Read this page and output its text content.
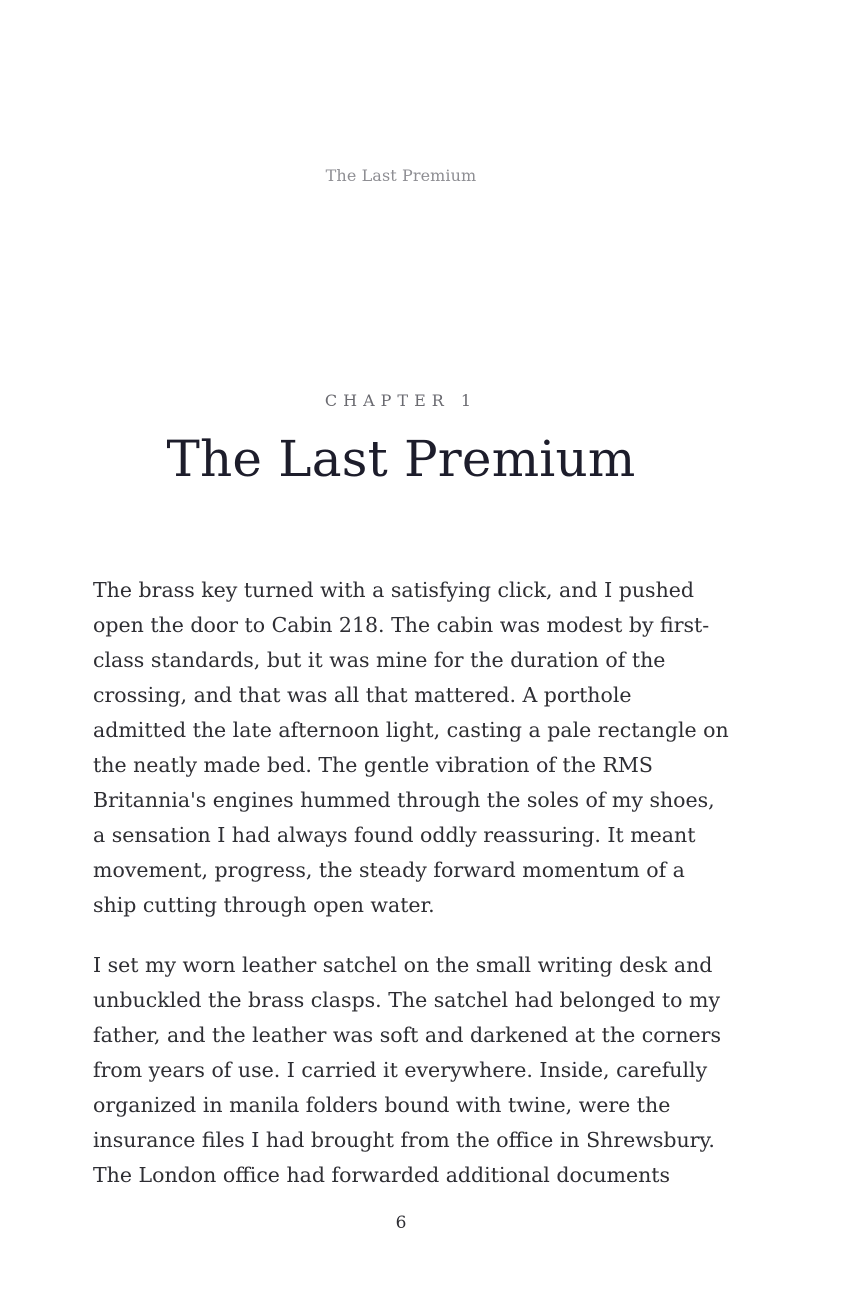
The Last Premium
CHAPTER 1
The Last Premium

The brass key turned with a satisfying click, and I pushed
open the door to Cabin 218. The cabin was modest by first-
class standards, but it was mine for the duration of the
crossing, and that was all that mattered. A porthole
admitted the late afternoon light, casting a pale rectangle on
the neatly made bed. The gentle vibration of the RMS
Britannia's engines hummed through the soles of my shoes,
a sensation I had always found oddly reassuring. It meant
movement, progress, the steady forward momentum of a
ship cutting through open water.

I set my worn leather satchel on the small writing desk and
unbuckled the brass clasps. The satchel had belonged to my
father, and the leather was soft and darkened at the corners
from years of use. I carried it everywhere. Inside, carefully
organized in manila folders bound with twine, were the
insurance files I had brought from the office in Shrewsbury.
The London office had forwarded additional documents

6
